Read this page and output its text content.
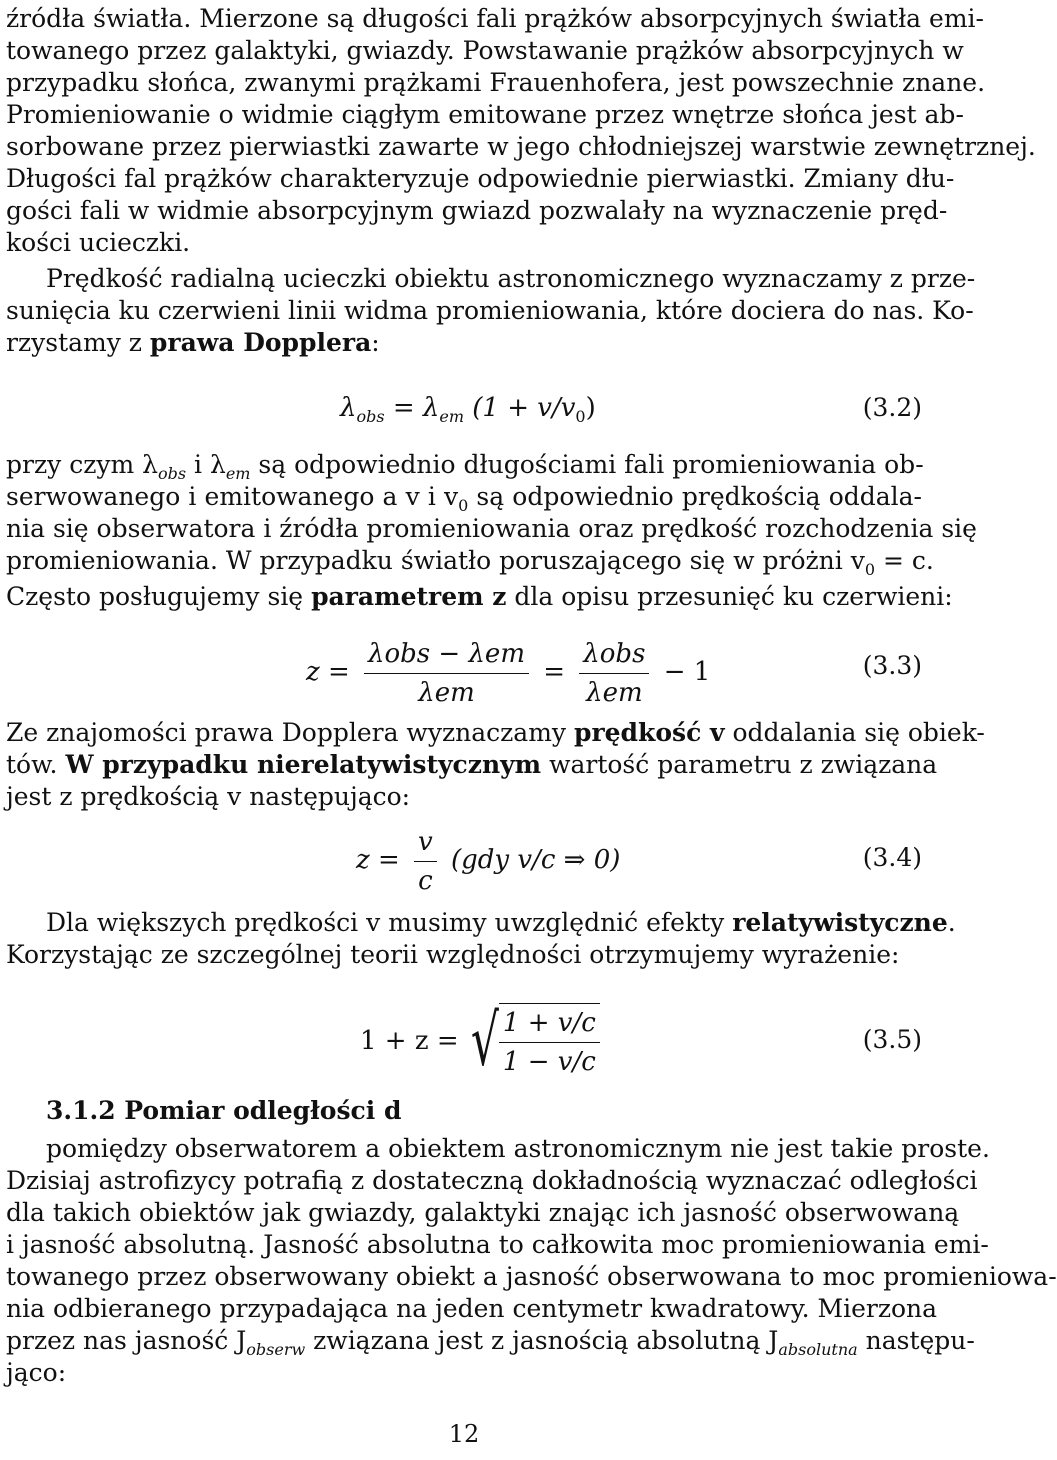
źródła światła. Mierzone są długości fali prążków absorpcyjnych światła emi-
towanego przez galaktyki, gwiazdy. Powstawanie prążków absorpcyjnych w
przypadku słońca, zwanymi prążkami Frauenhofera, jest powszechnie znane.
Promieniowanie o widmie ciągłym emitowane przez wnętrze słońca jest ab-
sorbowane przez pierwiastki zawarte w jego chłodniejszej warstwie zewnętrznej.
Długości fal prążków charakteryzuje odpowiednie pierwiastki. Zmiany dłu-
gości fali w widmie absorpcyjnym gwiazd pozwalały na wyznaczenie pręd-
kości ucieczki.
Prędkość radialną ucieczki obiektu astronomicznego wyznaczamy z prze-
sunięcia ku czerwieni linii widma promieniowania, które dociera do nas. Ko-
rzystamy z prawa Dopplera:
$\lambda_{obs} = \lambda_{em}$ $(1 + v/v_0)$	(3.2)
przy czym $\lambda_{obs}$ i $\lambda_{em}$ są odpowiednio długościami fali promieniowania ob-
serwowanego i emitowanego a v i $v_0$ są odpowiednio prędkością oddala-
nia się obserwatora i źródła promieniowania oraz prędkość rozchodzenia się
promieniowania. W przypadku światło poruszającego się w próżni $v_0 = c$.
Często posługujemy się parametrem z dla opisu przesunięć ku czerwieni:
$z = \frac{\text{λobs − λem}}{\text{λem}} = \frac{\text{λobs}}{\text{λem}} - 1$	(3.3)
Ze znajomości prawa Dopplera wyznaczamy prędkość v oddalania się obiek-
tów. W przypadku nierelatywistycznym wartość parametru z związana
jest z prędkością v następująco:
$z = \frac{v}{c} (gdy$ v/c ⇒ 0)	(3.4)
Dla większych prędkości v musimy uwzględnić efekty relatywistyczne.
Korzystając ze szczególnej teorii względności otrzymujemy wyrażenie:
1 + z = √ $\frac{1 + v/c}{1 - v/c}$	(3.5)
3.1.2 Pomiar odległości d
pomiędzy obserwatorem a obiektem astronomicznym nie jest takie proste.
Dzisiaj astrofizycy potrafią z dostateczną dokładnością wyznaczać odległości
dla takich obiektów jak gwiazdy, galaktyki znając ich jasność obserwowaną
i jasność absolutną. Jasność absolutna to całkowita moc promieniowania emi-
towanego przez obserwowany obiekt a jasność obserwowana to moc promieniowa-
nia odbieranego przypadająca na jeden centymetr kwadratowy. Mierzona
przez nas jasność $J_{obserw}$ związana jest z jasnością absolutną $J_{absolutna}$ następu-
jąco:
12
